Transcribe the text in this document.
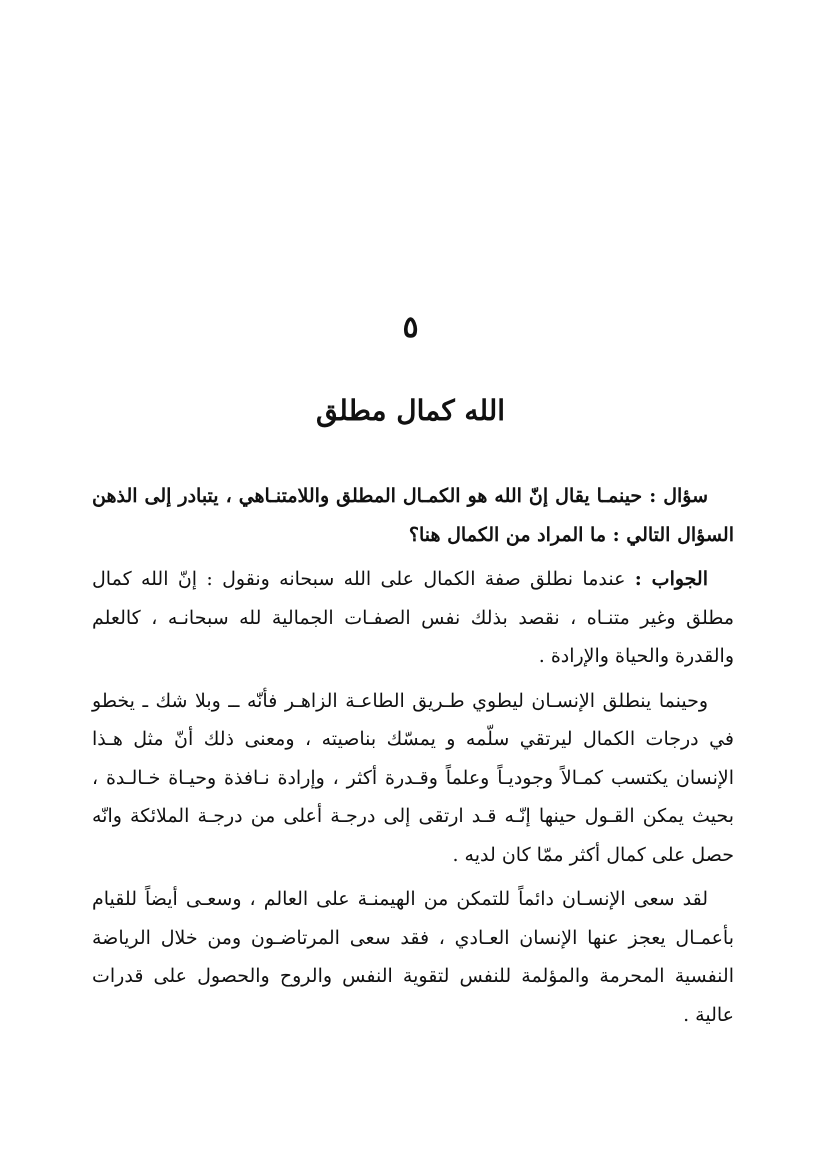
٥
الله كمال مطلق

سؤال : حينمـا يقال إنّ الله هو الكمـال المطلق واللامتنـاهي ، يتبادر إلى الذهن السؤال التالي : ما المراد من الكمال هنا؟

الجواب : عندما نطلق صفة الكمال على الله سبحانه ونقول : إنّ الله كمال مطلق وغير متنـاه ، نقصد بذلك نفس الصفـات الجمالية لله سبحانـه ، كالعلم والقدرة والحياة والإرادة .

وحينما ينطلق الإنسـان ليطوي طـريق الطاعـة الزاهـر فأنّه ــ وبلا شك ـ يخطو في درجات الكمال ليرتقي سلّمه و يمسّك بناصيته ، ومعنى ذلك أنّ مثل هـذا الإنسان يكتسب كمـالاً وجوديـاً وعلماً وقـدرة أكثر ، وإرادة نـافذة وحيـاة خـالـدة ، بحيث يمكن القـول حينها إنّـه قـد ارتقى إلى درجـة أعلى من درجـة الملائكة وانّه حصل على كمال أكثر ممّا كان لديه .

لقد سعى الإنسـان دائماً للتمكن من الهيمنـة على العالم ، وسعـى أيضاً للقيام بأعمـال يعجز عنها الإنسان العـادي ، فقد سعى المرتاضـون ومن خلال الرياضة النفسية المحرمة والمؤلمة للنفس لتقوية النفس والروح والحصول على قدرات عالية .
